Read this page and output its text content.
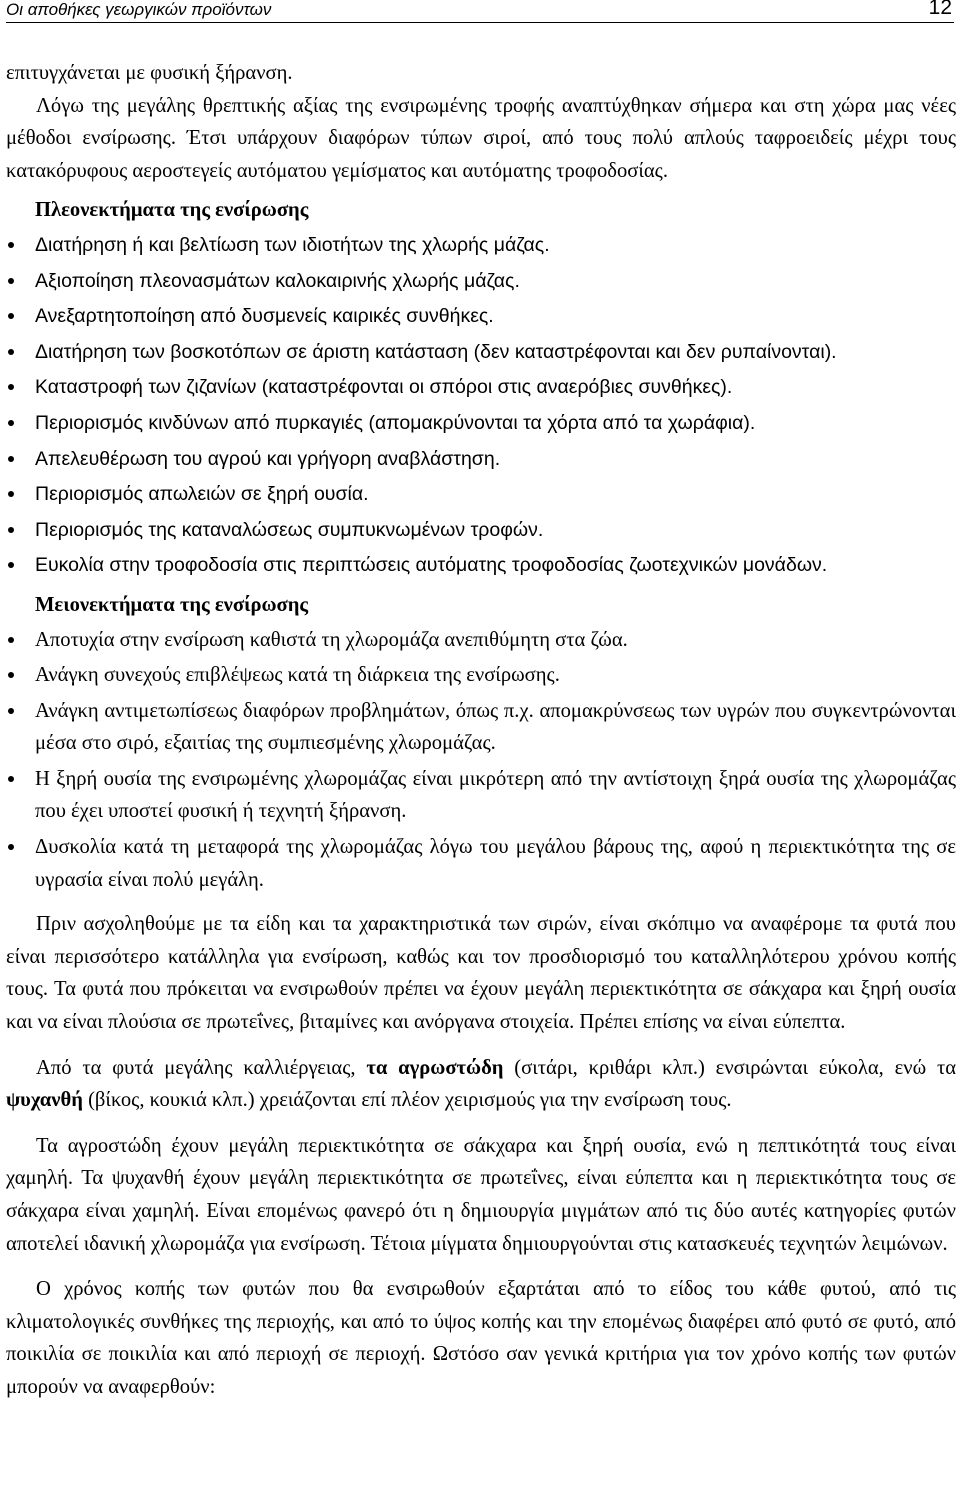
Οι αποθήκες γεωργικών προϊόντων	12

επιτυγχάνεται με φυσική ξήρανση.

Λόγω της μεγάλης θρεπτικής αξίας της ενσιρωμένης τροφής αναπτύχθηκαν σήμερα και στη χώρα μας νέες μέθοδοι ενσίρωσης. Έτσι υπάρχουν διαφόρων τύπων σιροί, από τους πολύ απλούς ταφροειδείς μέχρι τους κατακόρυφους αεροστεγείς αυτόματου γεμίσματος και αυτόματης τροφοδοσίας.

Πλεονεκτήματα της ενσίρωσης

Διατήρηση ή και βελτίωση των ιδιοτήτων της χλωρής μάζας.
Αξιοποίηση πλεονασμάτων καλοκαιρινής χλωρής μάζας.
Ανεξαρτητοποίηση από δυσμενείς καιρικές συνθήκες.
Διατήρηση των βοσκοτόπων σε άριστη κατάσταση (δεν καταστρέφονται και δεν ρυπαίνονται).
Καταστροφή των ζιζανίων (καταστρέφονται οι σπόροι στις αναερόβιες συνθήκες).
Περιορισμός κινδύνων από πυρκαγιές (απομακρύνονται τα χόρτα από τα χωράφια).
Απελευθέρωση του αγρού και γρήγορη αναβλάστηση.
Περιορισμός απωλειών σε ξηρή ουσία.
Περιορισμός της καταναλώσεως συμπυκνωμένων τροφών.
Ευκολία στην τροφοδοσία στις περιπτώσεις αυτόματης τροφοδοσίας ζωοτεχνικών μονάδων.

Μειονεκτήματα της ενσίρωσης

Αποτυχία στην ενσίρωση καθιστά τη χλωρομάζα ανεπιθύμητη στα ζώα.
Ανάγκη συνεχούς επιβλέψεως κατά τη διάρκεια της ενσίρωσης.
Ανάγκη αντιμετωπίσεως διαφόρων προβλημάτων, όπως π.χ. απομακρύνσεως των υγρών που συγκεντρώνονται μέσα στο σιρό, εξαιτίας της συμπιεσμένης χλωρομάζας.
Η ξηρή ουσία της ενσιρωμένης χλωρομάζας είναι μικρότερη από την αντίστοιχη ξηρά ουσία της χλωρομάζας που έχει υποστεί φυσική ή τεχνητή ξήρανση.
Δυσκολία κατά τη μεταφορά της χλωρομάζας λόγω του μεγάλου βάρους της, αφού η περιεκτικότητα της σε υγρασία είναι πολύ μεγάλη.

Πριν ασχοληθούμε με τα είδη και τα χαρακτηριστικά των σιρών, είναι σκόπιμο να αναφέρομε τα φυτά που είναι περισσότερο κατάλληλα για ενσίρωση, καθώς και τον προσδιορισμό του καταλληλότερου χρόνου κοπής τους. Τα φυτά που πρόκειται να ενσιρωθούν πρέπει να έχουν μεγάλη περιεκτικότητα σε σάκχαρα και ξηρή ουσία και να είναι πλούσια σε πρωτεΐνες, βιταμίνες και ανόργανα στοιχεία. Πρέπει επίσης να είναι εύπεπτα.

Από τα φυτά μεγάλης καλλιέργειας, τα αγρωστώδη (σιτάρι, κριθάρι κλπ.) ενσιρώνται εύκολα, ενώ τα ψυχανθή (βίκος, κουκιά κλπ.) χρειάζονται επί πλέον χειρισμούς για την ενσίρωση τους.

Τα αγροστώδη έχουν μεγάλη περιεκτικότητα σε σάκχαρα και ξηρή ουσία, ενώ η πεπτικότητά τους είναι χαμηλή. Τα ψυχανθή έχουν μεγάλη περιεκτικότητα σε πρωτεΐνες, είναι εύπεπτα και η περιεκτικότητα τους σε σάκχαρα είναι χαμηλή. Είναι επομένως φανερό ότι η δημιουργία μιγμάτων από τις δύο αυτές κατηγορίες φυτών αποτελεί ιδανική χλωρομάζα για ενσίρωση. Τέτοια μίγματα δημιουργούνται στις κατασκευές τεχνητών λειμώνων.

Ο χρόνος κοπής των φυτών που θα ενσιρωθούν εξαρτάται από το είδος του κάθε φυτού, από τις κλιματολογικές συνθήκες της περιοχής, και από το ύψος κοπής και την επομένως διαφέρει από φυτό σε φυτό, από ποικιλία σε ποικιλία και από περιοχή σε περιοχή. Ωστόσο σαν γενικά κριτήρια για τον χρόνο κοπής των φυτών μπορούν να αναφερθούν:
